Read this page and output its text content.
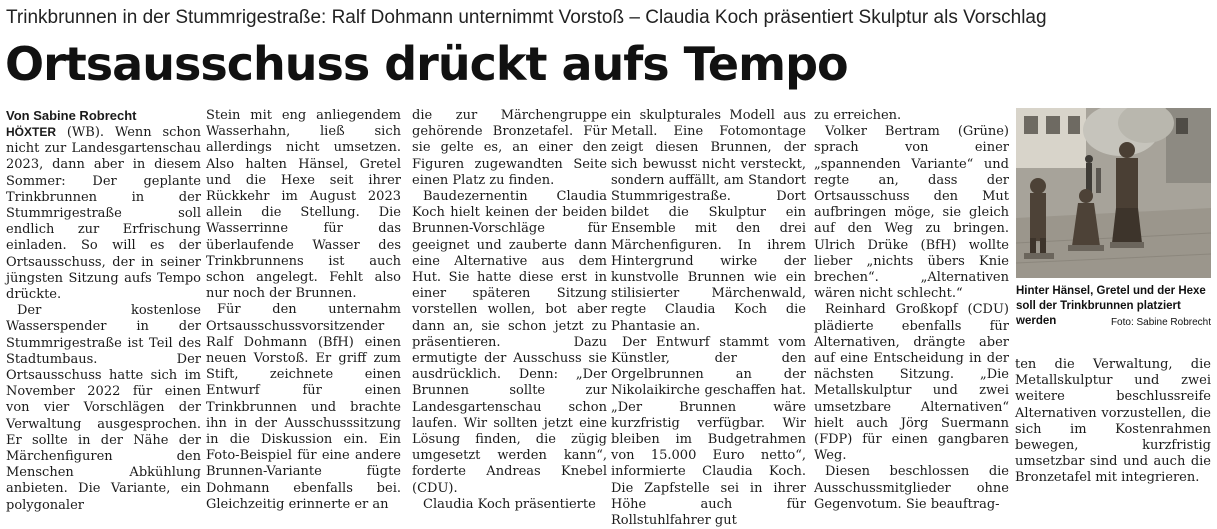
Trinkbrunnen in der Stummrigestraße: Ralf Dohmann unternimmt Vorstoß – Claudia Koch präsentiert Skulptur als Vorschlag
Ortsausschuss drückt aufs Tempo

Von Sabine Robrecht

HÖXTER (WB). Wenn schon nicht zur Landesgartenschau 2023, dann aber in diesem Sommer: Der geplante Trinkbrunnen in der Stummrigestraße soll endlich zur Erfrischung einladen. So will es der Ortsausschuss, der in seiner jüngsten Sitzung aufs Tempo drückte.

Der kostenlose Wasserspender in der Stummrigestraße ist Teil des Stadtumbaus. Der Ortsausschuss hatte sich im November 2022 für einen von vier Vorschlägen der Verwaltung ausgesprochen. Er sollte in der Nähe der Märchenfiguren den Menschen Abkühlung anbieten. Die Variante, ein polygonaler

Stein mit eng anliegendem Wasserhahn, ließ sich allerdings nicht umsetzen. Also halten Hänsel, Gretel und die Hexe seit ihrer Rückkehr im August 2023 allein die Stellung. Die Wasserrinne für das überlaufende Wasser des Trinkbrunnens ist auch schon angelegt. Fehlt also nur noch der Brunnen.

Für den unternahm Ortsausschussvorsitzender Ralf Dohmann (BfH) einen neuen Vorstoß. Er griff zum Stift, zeichnete einen Entwurf für einen Trinkbrunnen und brachte ihn in der Ausschusssitzung in die Diskussion ein. Ein Foto-Beispiel für eine andere Brunnen-Variante fügte Dohmann ebenfalls bei. Gleichzeitig erinnerte er an

die zur Märchengruppe gehörende Bronzetafel. Für sie gelte es, an einer den Figuren zugewandten Seite einen Platz zu finden.

Baudezernentin Claudia Koch hielt keinen der beiden Brunnen-Vorschläge für geeignet und zauberte dann eine Alternative aus dem Hut. Sie hatte diese erst in einer späteren Sitzung vorstellen wollen, bot aber dann an, sie schon jetzt zu präsentieren. Dazu ermutigte der Ausschuss sie ausdrücklich. Denn: „Der Brunnen sollte zur Landesgartenschau schon laufen. Wir sollten jetzt eine Lösung finden, die zügig umgesetzt werden kann“, forderte Andreas Knebel (CDU).

Claudia Koch präsentierte

ein skulpturales Modell aus Metall. Eine Fotomontage zeigt diesen Brunnen, der sich bewusst nicht versteckt, sondern auffällt, am Standort Stummrigestraße. Dort bildet die Skulptur ein Ensemble mit den drei Märchenfiguren. In ihrem Hintergrund wirke der kunstvolle Brunnen wie ein stilisierter Märchenwald, regte Claudia Koch die Phantasie an.

Der Entwurf stammt vom Künstler, der den Orgelbrunnen an der Nikolaikirche geschaffen hat. „Der Brunnen wäre kurzfristig verfügbar. Wir bleiben im Budgetrahmen von 15.000 Euro netto“, informierte Claudia Koch. Die Zapfstelle sei in ihrer Höhe auch für Rollstuhlfahrer gut

zu erreichen.

Volker Bertram (Grüne) sprach von einer „spannenden Variante“ und regte an, dass der Ortsausschuss den Mut aufbringen möge, sie gleich auf den Weg zu bringen. Ulrich Drüke (BfH) wollte lieber „nichts übers Knie brechen“. „Alternativen wären nicht schlecht.“

Reinhard Großkopf (CDU) plädierte ebenfalls für Alternativen, drängte aber auf eine Entscheidung in der nächsten Sitzung. „Die Metallskulptur und zwei umsetzbare Alternativen“ hielt auch Jörg Suermann (FDP) für einen gangbaren Weg.

Diesen beschlossen die Ausschussmitglieder ohne Gegenvotum. Sie beauftrag-

Hinter Hänsel, Gretel und der Hexe soll der Trinkbrunnen platziert werden	Foto: Sabine Robrecht

ten die Verwaltung, die Metallskulptur und zwei weitere beschlussreife Alternativen vorzustellen, die sich im Kostenrahmen bewegen, kurzfristig umsetzbar sind und auch die Bronzetafel mit integrieren.
